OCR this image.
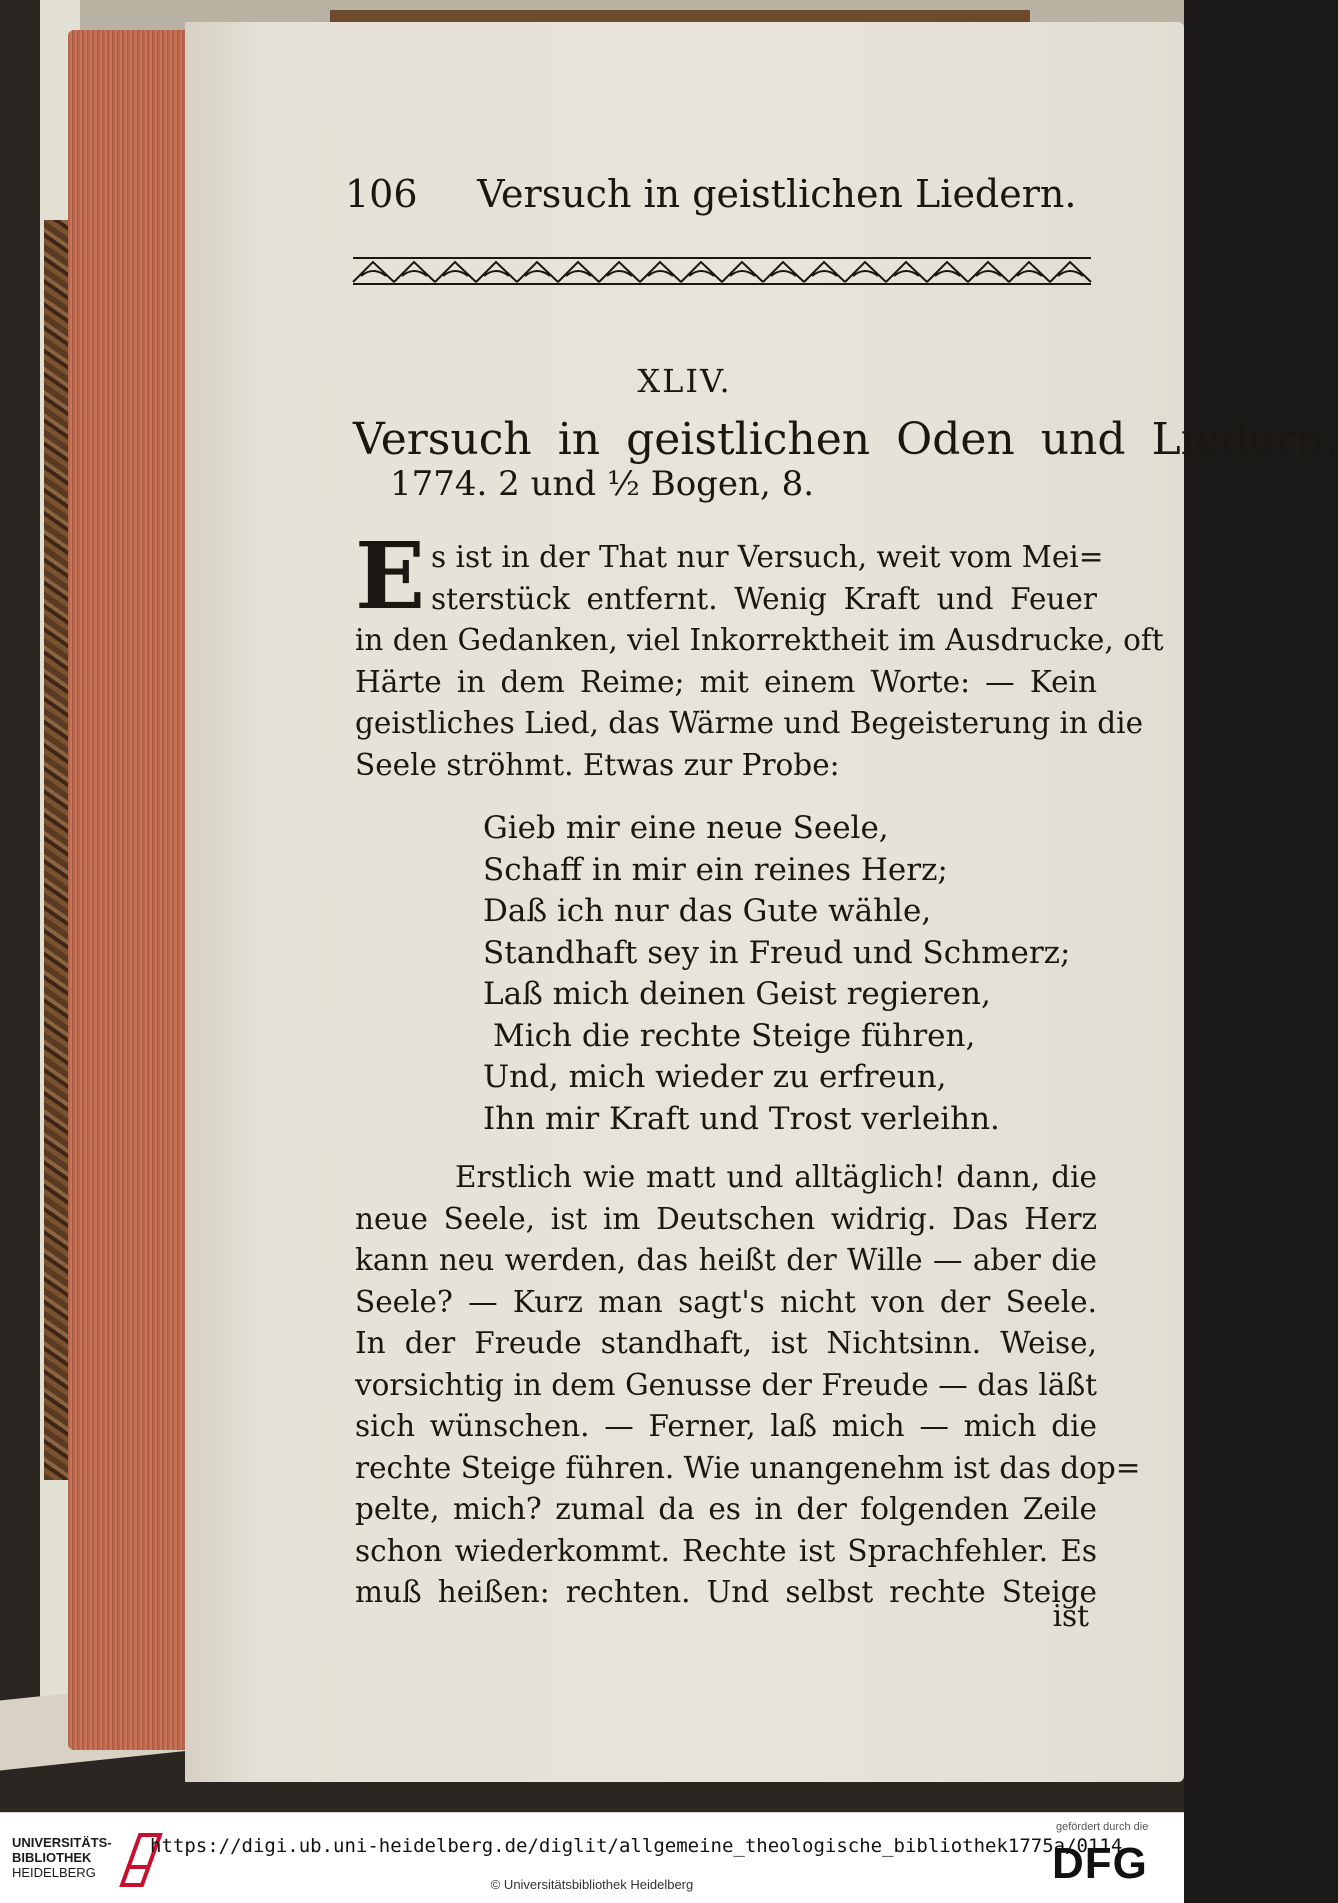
106 Versuch in geistlichen Liedern.
XLIV.
Versuch in geistlichen Oden und Liedern.
1774. 2 und ½ Bogen, 8.
E s ist in der That nur Versuch, weit vom Mei=
sterstück entfernt. Wenig Kraft und Feuer
in den Gedanken, viel Inkorrektheit im Ausdrucke, oft
Härte in dem Reime; mit einem Worte: — Kein
geistliches Lied, das Wärme und Begeisterung in die
Seele ströhmt. Etwas zur Probe:
Gieb mir eine neue Seele,
Schaff in mir ein reines Herz;
Daß ich nur das Gute wähle,
Standhaft sey in Freud und Schmerz;
Laß mich deinen Geist regieren,
Mich die rechte Steige führen,
Und, mich wieder zu erfreun,
Ihn mir Kraft und Trost verleihn.
Erstlich wie matt und alltäglich! dann, die
neue Seele, ist im Deutschen widrig. Das Herz
kann neu werden, das heißt der Wille — aber die
Seele? — Kurz man sagt's nicht von der Seele.
In der Freude standhaft, ist Nichtsinn. Weise,
vorsichtig in dem Genusse der Freude — das läßt
sich wünschen. — Ferner, laß mich — mich die
rechte Steige führen. Wie unangenehm ist das dop=
pelte, mich? zumal da es in der folgenden Zeile
schon wiederkommt. Rechte ist Sprachfehler. Es
muß heißen: rechten. Und selbst rechte Steige
ist
UNIVERSITÄTS-
BIBLIOTHEK
HEIDELBERG
https://digi.ub.uni-heidelberg.de/diglit/allgemeine_theologische_bibliothek1775a/0114
© Universitätsbibliothek Heidelberg
gefördert durch die
DFG
